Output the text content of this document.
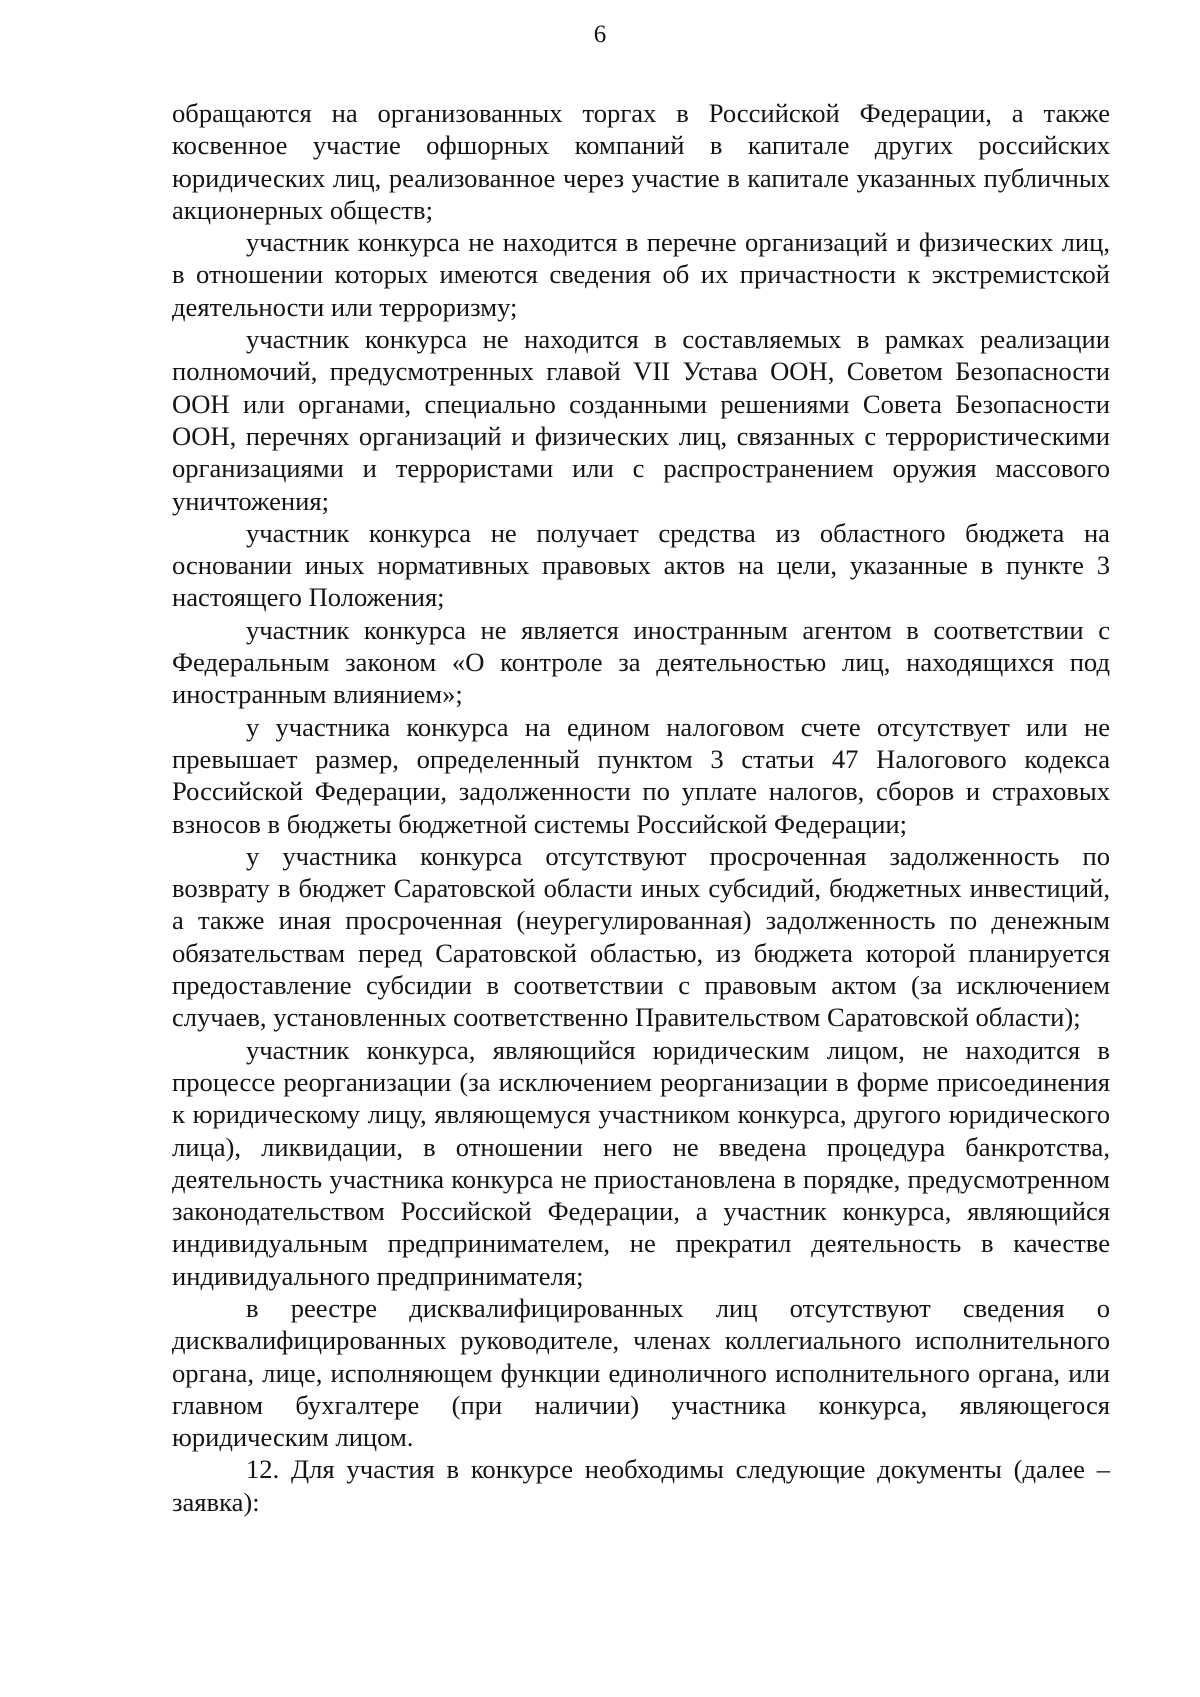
6

обращаются на организованных торгах в Российской Федерации, а также косвенное участие офшорных компаний в капитале других российских юридических лиц, реализованное через участие в капитале указанных публичных акционерных обществ;

участник конкурса не находится в перечне организаций и физических лиц, в отношении которых имеются сведения об их причастности к экстремистской деятельности или терроризму;

участник конкурса не находится в составляемых в рамках реализации полномочий, предусмотренных главой VII Устава ООН, Советом Безопасности ООН или органами, специально созданными решениями Совета Безопасности ООН, перечнях организаций и физических лиц, связанных с террористическими организациями и террористами или с распространением оружия массового уничтожения;

участник конкурса не получает средства из областного бюджета на основании иных нормативных правовых актов на цели, указанные в пункте 3 настоящего Положения;

участник конкурса не является иностранным агентом в соответствии с Федеральным законом «О контроле за деятельностью лиц, находящихся под иностранным влиянием»;

у участника конкурса на едином налоговом счете отсутствует или не превышает размер, определенный пунктом 3 статьи 47 Налогового кодекса Российской Федерации, задолженности по уплате налогов, сборов и страховых взносов в бюджеты бюджетной системы Российской Федерации;

у участника конкурса отсутствуют просроченная задолженность по возврату в бюджет Саратовской области иных субсидий, бюджетных инвестиций, а также иная просроченная (неурегулированная) задолженность по денежным обязательствам перед Саратовской областью, из бюджета которой планируется предоставление субсидии в соответствии с правовым актом (за исключением случаев, установленных соответственно Правительством Саратовской области);

участник конкурса, являющийся юридическим лицом, не находится в процессе реорганизации (за исключением реорганизации в форме присоединения к юридическому лицу, являющемуся участником конкурса, другого юридического лица), ликвидации, в отношении него не введена процедура банкротства, деятельность участника конкурса не приостановлена в порядке, предусмотренном законодательством Российской Федерации, а участник конкурса, являющийся индивидуальным предпринимателем, не прекратил деятельность в качестве индивидуального предпринимателя;

в реестре дисквалифицированных лиц отсутствуют сведения о дисквалифицированных руководителе, членах коллегиального исполнительного органа, лице, исполняющем функции единоличного исполнительного органа, или главном бухгалтере (при наличии) участника конкурса, являющегося юридическим лицом.

12. Для участия в конкурсе необходимы следующие документы (далее – заявка):
